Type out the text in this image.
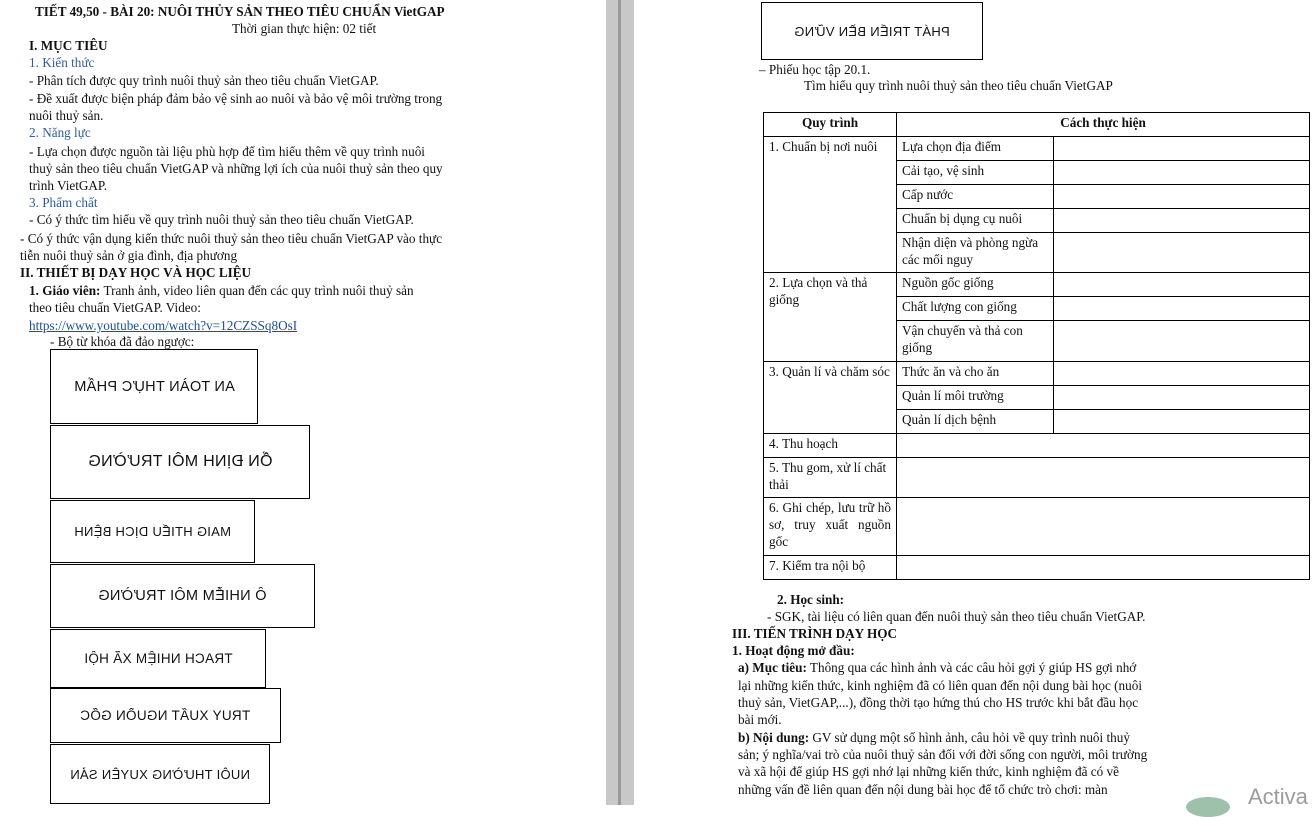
TIẾT 49,50 - BÀI 20: NUÔI THỦY SẢN THEO TIÊU CHUẨN VietGAP
Thời gian thực hiện: 02 tiết
I. MỤC TIÊU
1. Kiến thức
- Phân tích được quy trình nuôi thuỷ sản theo tiêu chuẩn VietGAP.
- Đề xuất được biện pháp đảm bảo vệ sinh ao nuôi và bảo vệ môi trường trong
nuôi thuỷ sản.
2. Năng lực
- Lựa chọn được nguồn tài liệu phù hợp để tìm hiểu thêm về quy trình nuôi
thuỷ sản theo tiêu chuẩn VietGAP và những lợi ích của nuôi thuỷ sản theo quy
trình VietGAP.
3. Phẩm chất
- Có ý thức tìm hiểu về quy trình nuôi thuỷ sản theo tiêu chuẩn VietGAP.
- Có ý thức vận dụng kiến thức nuôi thuỷ sản theo tiêu chuẩn VietGAP vào thực
tiễn nuôi thuỷ sản ở gia đình, địa phương
II. THIẾT BỊ DẠY HỌC VÀ HỌC LIỆU
1. Giáo viên: Tranh ảnh, video liên quan đến các quy trình nuôi thuỷ sản
theo tiêu chuẩn VietGAP. Video:
https://www.youtube.com/watch?v=12CZSSq8OsI
- Bộ từ khóa đã đảo ngược:
AN TOÀN THỰC PHẨM
ỔN ĐỊNH MÔI TRƯỜNG
MAIG HTIẾU DỊCH BỆNH
Ô NHIỄM MÔI TRƯỜNG
TRACH NHIỆM XÃ HỘI
TRUY XUẤT NGUỒN GỐC
NUÔI THƯỜNG XUYÊN SẢN
PHÁT TRIỂN BỀN VỮNG
– Phiếu học tập 20.1.
Tìm hiểu quy trình nuôi thuỷ sản theo tiêu chuẩn VietGAP
Quy trình	Cách thực hiện	
1. Chuẩn bị nơi nuôi	Lựa chọn địa điểm	
	Cải tạo, vệ sinh	
	Cấp nước	
	Chuẩn bị dụng cụ nuôi	
	Nhận diện và phòng ngừa các mối nguy	
2. Lựa chọn và thả giống	Nguồn gốc giống	
	Chất lượng con giống	
	Vận chuyển và thả con giống	
3. Quản lí và chăm sóc	Thức ăn và cho ăn	
	Quản lí môi trường	
	Quản lí dịch bệnh	
4. Thu hoạch		
5. Thu gom, xử lí chất thải		
6. Ghi chép, lưu trữ hồ sơ, truy xuất nguồn gốc		
7. Kiểm tra nội bộ		
2. Học sinh:
- SGK, tài liệu có liên quan đến nuôi thuỷ sản theo tiêu chuẩn VietGAP.
III. TIẾN TRÌNH DẠY HỌC
1. Hoạt động mở đầu:
a) Mục tiêu: Thông qua các hình ảnh và các câu hỏi gợi ý giúp HS gợi nhớ
lại những kiến thức, kinh nghiệm đã có liên quan đến nội dung bài học (nuôi
thuỷ sản, VietGAP,...), đồng thời tạo hứng thú cho HS trước khi bắt đầu học
bài mới.
b) Nội dung: GV sử dụng một số hình ảnh, câu hỏi về quy trình nuôi thuỷ
sản; ý nghĩa/vai trò của nuôi thuỷ sản đối với đời sống con người, môi trường
và xã hội để giúp HS gợi nhớ lại những kiến thức, kinh nghiệm đã có về
những vấn đề liên quan đến nội dung bài học để tổ chức trò chơi: màn	Activa
